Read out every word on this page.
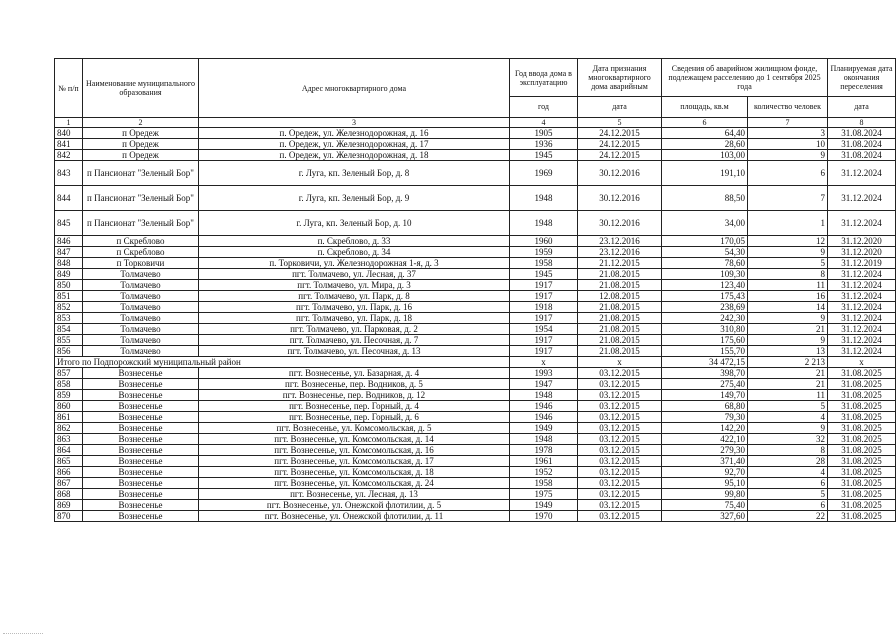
№ п/п	Наименование муниципального образования	Адрес многоквартирного дома	Год ввода дома в эксплуатацию	Дата признания многоквартирного дома аварийным	Сведения об аварийном жилищном фонде, подлежащем расселению до 1 сентября 2025 года		Планируемая дата окончания переселения
			год	дата	площадь, кв.м	количество человек	дата
1	2	3	4	5	6	7	8
840	п Оредеж	п. Оредеж, ул. Железнодорожная, д. 16	1905	24.12.2015	64,40	3	31.08.2024
841	п Оредеж	п. Оредеж, ул. Железнодорожная, д. 17	1936	24.12.2015	28,60	10	31.08.2024
842	п Оредеж	п. Оредеж, ул. Железнодорожная, д. 18	1945	24.12.2015	103,00	9	31.08.2024
843	п Пансионат "Зеленый Бор"	г. Луга, кп. Зеленый Бор, д. 8	1969	30.12.2016	191,10	6	31.12.2024
844	п Пансионат "Зеленый Бор"	г. Луга, кп. Зеленый Бор, д. 9	1948	30.12.2016	88,50	7	31.12.2024
845	п Пансионат "Зеленый Бор"	г. Луга, кп. Зеленый Бор, д. 10	1948	30.12.2016	34,00	1	31.12.2024
846	п Скреблово	п. Скреблово, д. 33	1960	23.12.2016	170,05	12	31.12.2020
847	п Скреблово	п. Скреблово, д. 34	1959	23.12.2016	54,30	9	31.12.2020
848	п Торковичи	п. Торковичи, ул. Железнодорожная 1-я, д. 3	1958	21.12.2015	78,60	5	31.12.2019
849	Толмачево	пгт. Толмачево, ул. Лесная, д. 37	1945	21.08.2015	109,30	8	31.12.2024
850	Толмачево	пгт. Толмачево, ул. Мира, д. 3	1917	21.08.2015	123,40	11	31.12.2024
851	Толмачево	пгт. Толмачево, ул. Парк, д. 8	1917	12.08.2015	175,43	16	31.12.2024
852	Толмачево	пгт. Толмачево, ул. Парк, д. 16	1918	21.08.2015	238,69	14	31.12.2024
853	Толмачево	пгт. Толмачево, ул. Парк, д. 18	1917	21.08.2015	242,30	9	31.12.2024
854	Толмачево	пгт. Толмачево, ул. Парковая, д. 2	1954	21.08.2015	310,80	21	31.12.2024
855	Толмачево	пгт. Толмачево, ул. Песочная, д. 7	1917	21.08.2015	175,60	9	31.12.2024
856	Толмачево	пгт. Толмачево, ул. Песочная, д. 13	1917	21.08.2015	155,70	13	31.12.2024
Итого по Подпорожский муниципальный район			х	х	34 472,15	2 213	х
857	Вознесенье	пгт. Вознесенье, ул. Базарная, д. 4	1993	03.12.2015	398,70	21	31.08.2025
858	Вознесенье	пгт. Вознесенье, пер. Водников, д. 5	1947	03.12.2015	275,40	21	31.08.2025
859	Вознесенье	пгт. Вознесенье, пер. Водников, д. 12	1948	03.12.2015	149,70	11	31.08.2025
860	Вознесенье	пгт. Вознесенье, пер. Горный, д. 4	1946	03.12.2015	68,80	5	31.08.2025
861	Вознесенье	пгт. Вознесенье, пер. Горный, д. 6	1946	03.12.2015	79,30	4	31.08.2025
862	Вознесенье	пгт. Вознесенье, ул. Комсомольская, д. 5	1949	03.12.2015	142,20	9	31.08.2025
863	Вознесенье	пгт. Вознесенье, ул. Комсомольская, д. 14	1948	03.12.2015	422,10	32	31.08.2025
864	Вознесенье	пгт. Вознесенье, ул. Комсомольская, д. 16	1978	03.12.2015	279,30	8	31.08.2025
865	Вознесенье	пгт. Вознесенье, ул. Комсомольская, д. 17	1961	03.12.2015	371,40	28	31.08.2025
866	Вознесенье	пгт. Вознесенье, ул. Комсомольская, д. 18	1952	03.12.2015	92,70	4	31.08.2025
867	Вознесенье	пгт. Вознесенье, ул. Комсомольская, д. 24	1958	03.12.2015	95,10	6	31.08.2025
868	Вознесенье	пгт. Вознесенье, ул. Лесная, д. 13	1975	03.12.2015	99,80	5	31.08.2025
869	Вознесенье	пгт. Вознесенье, ул. Онежской флотилии, д. 5	1949	03.12.2015	75,40	6	31.08.2025
870	Вознесенье	пгт. Вознесенье, ул. Онежской флотилии, д. 11	1970	03.12.2015	327,60	22	31.08.2025
